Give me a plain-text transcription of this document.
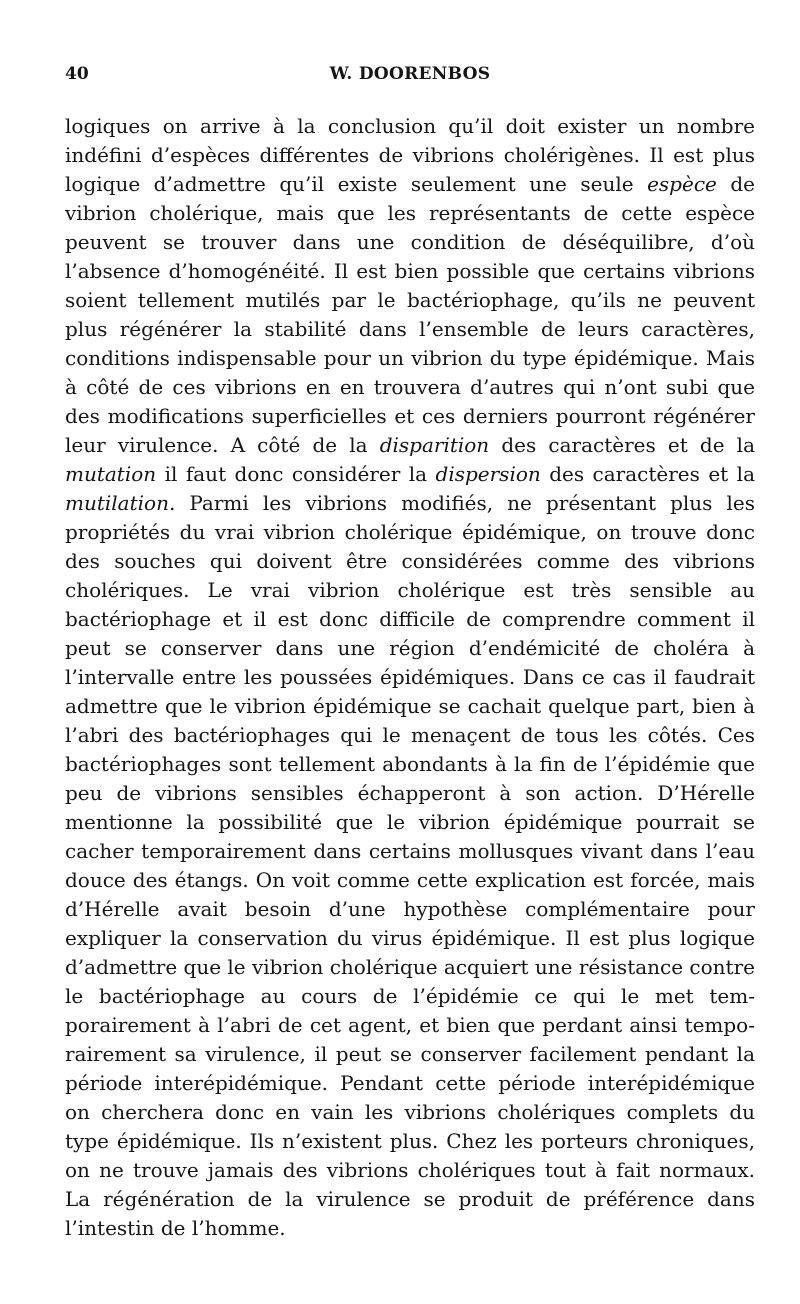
40	W. DOORENBOS

logiques on arrive à la conclusion qu’il doit exister un nombre indéfini d’espèces différentes de vibrions cholérigènes. Il est plus logique d’admettre qu’il existe seulement une seule espèce de vibrion cholérique, mais que les représentants de cette espèce peuvent se trouver dans une condition de déséquilibre, d’où l’absence d’homogénéité. Il est bien possible que certains vibrions soient tellement mutilés par le bactériophage, qu’ils ne peuvent plus régénérer la stabilité dans l’ensemble de leurs caractères, conditions indispensable pour un vibrion du type épidémique. Mais à côté de ces vibrions en en trouvera d’autres qui n’ont subi que des modifications superficielles et ces derniers pourront régénérer leur virulence. A côté de la disparition des caractères et de la mutation il faut donc considérer la dispersion des caractères et la mutilation. Parmi les vibrions modifiés, ne présentant plus les propriétés du vrai vibrion cholérique épidémique, on trouve donc des souches qui doivent être considérées comme des vibrions cholériques. Le vrai vibrion cholérique est très sensible au bactériophage et il est donc difficile de comprendre comment il peut se conserver dans une région d’endémicité de choléra à l’intervalle entre les poussées épidémiques. Dans ce cas il faudrait admettre que le vibrion épidémique se cachait quelque part, bien à l’abri des bactériophages qui le menaçent de tous les côtés. Ces bactériophages sont tellement abondants à la fin de l’épidémie que peu de vibrions sensibles échapperont à son action. D’Hérelle mentionne la possibilité que le vibrion épidémique pourrait se cacher temporairement dans certains mollusques vivant dans l’eau douce des étangs. On voit comme cette explication est forcée, mais d’Hérelle avait besoin d’une hypothèse complémentaire pour expliquer la conservation du virus épidémique. Il est plus logique d’admettre que le vibrion cholérique acquiert une résistance contre le bactériophage au cours de l’épidémie ce qui le met temporairement à l’abri de cet agent, et bien que perdant ainsi temporairement sa virulence, il peut se conserver facilement pendant la période interépidémique. Pendant cette période interépidémique on cherchera donc en vain les vibrions cholériques complets du type épidémique. Ils n’existent plus. Chez les porteurs chroniques, on ne trouve jamais des vibrions cholériques tout à fait normaux. La régénération de la virulence se produit de préférence dans l’intestin de l’homme.
